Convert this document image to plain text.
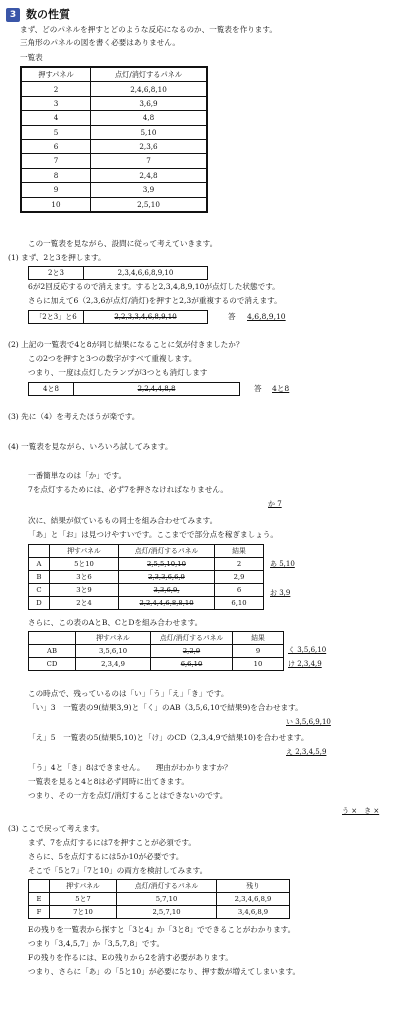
3 数の性質
まず、どのパネルを押すとどのような反応になるのか、一覧表を作ります。
三角形のパネルの図を書く必要はありません。
一覧表
押すパネル	点灯/消灯するパネル
2	2,4,6,8,10
3	3,6,9
4	4,8
5	5,10
6	2,3,6
7	7
8	2,4,8
9	3,9
10	2,5,10
この一覧表を見ながら、設問に従って考えていきます。
(1) まず、2と3を押します。
2と3	2,3,4,6,6,8,9,10
6が2回反応するので消えます。すると2,3,4,8,9,10が点灯した状態です。
さらに加えて6（2,3,6が点灯/消灯)を押すと2,3が重複するので消えます。
「2と3」と6	2,2,3,3,4,6,8,9,10	答 4,6,8,9,10
(2) 上記の一覧表で4と8が同じ結果になることに気が付きましたか？
この2つを押すと3つの数字がすべて重複します。
つまり、一度は点灯したランプが3つとも消灯します
4と8	2,2,4,4,8,8	答 4と8
(3) 先に（4）を考えたほうが楽です。
(4) 一覧表を見ながら、いろいろ試してみます。
一番簡単なのは「か」です。
7を点灯するためには、必ず7を押さなければなりません。
か 7
次に、結果が似ているもの同士を組み合わせてみます。
「あ」と「お」は見つけやすいです。ここまでで部分点を稼ぎましょう。
	押すパネル	点灯/消灯するパネル	結果
A	5と10	2,5,5,10,10	2
B	3と6	2,3,3,6,6,9	2,9
C	3と9	3,3,6,9,	6
D	2と4	2,2,4,4,6,8,8,10	6,10
あ 5,10
お 3,9
さらに、この表のAとB、CとDを組み合わせます。
	押すパネル	点灯/消灯するパネル	結果
AB	3,5,6,10	2,2,9	9
CD	2,3,4,9	6,6,10	10
く 3,5,6,10
け 2,3,4,9
この時点で、残っているのは「い」「う」「え」「き」です。
「い」3　一覧表の9(結果3,9)と「く」のAB（3,5,6,10で結果9)を合わせます。
い 3,5,6,9,10
「え」5　一覧表の5(結果5,10)と「け」のCD（2,3,4,9で結果10)を合わせます。
え 2,3,4,5,9
「う」4と「き」8はできません。　　理由がわかりますか？
一覧表を見ると4と8は必ず同時に出てきます。
つまり、その一方を点灯/消灯することはできないのです。
う ×　き ×
(3) ここで戻って考えます。
まず、7を点灯するには7を押すことが必須です。
さらに、5を点灯するには5か10が必要です。
そこで「5と7」「7と10」の両方を検討してみます。
	押すパネル	点灯/消灯するパネル	残り
E	5と7	5,7,10	2,3,4,6,8,9
F	7と10	2,5,7,10	3,4,6,8,9
Eの残りを一覧表から探すと「3と4」か「3と8」でできることがわかります。
つまり「3,4,5,7」か「3,5,7,8」です。
Fの残りを作るには、Eの残りから2を消す必要があります。
つまり、さらに「あ」の「5と10」が必要になり、押す数が増えてしまいます。
